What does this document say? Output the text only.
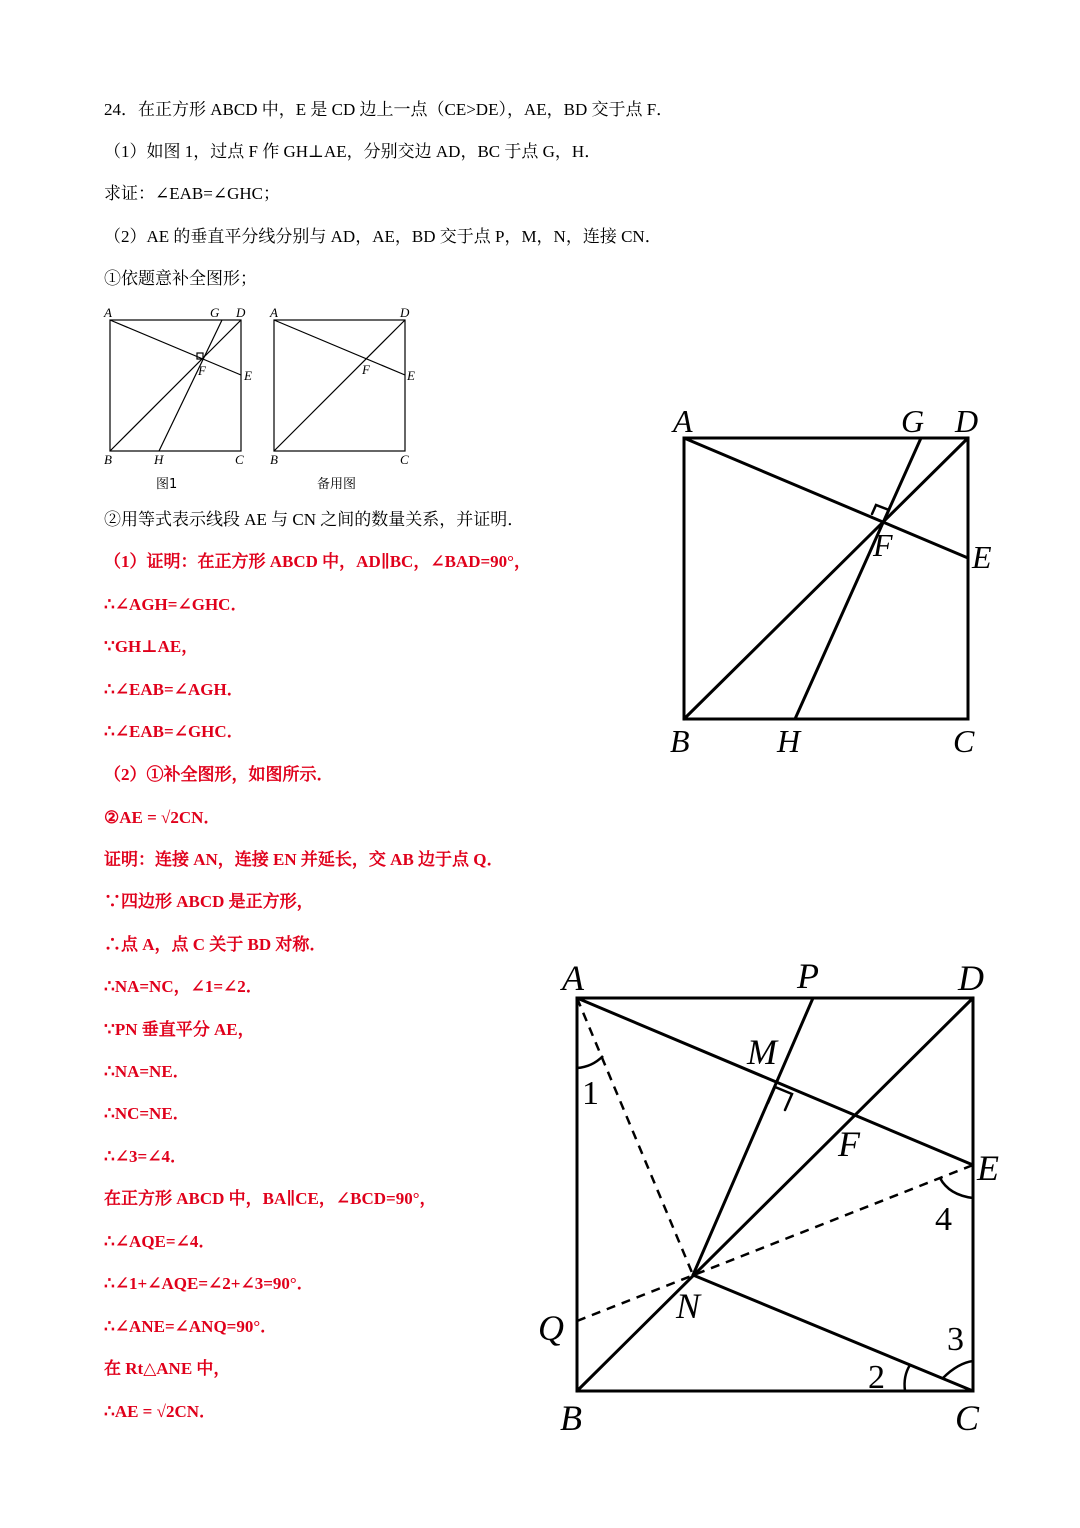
24．在正方形 ABCD 中，E 是 CD 边上一点（CE>DE），AE，BD 交于点 F．
（1）如图 1，过点 F 作 GH⊥AE，分别交边 AD，BC 于点 G，H．
求证：∠EAB=∠GHC；
（2）AE 的垂直平分线分别与 AD，AE，BD 交于点 P，M，N，连接 CN．
①依题意补全图形；
A	G D
F	E
B	H	C
A	D
F	E
B	C
图1	备用图
②用等式表示线段 AE 与 CN 之间的数量关系，并证明．
（1）证明：在正方形 ABCD 中，AD∥BC，∠BAD=90°，
∴∠AGH=∠GHC．
∵GH⊥AE，
∴∠EAB=∠AGH．
∴∠EAB=∠GHC．
（2）①补全图形，如图所示．
②AE = √2CN．
证明：连接 AN，连接 EN 并延长，交 AB 边于点 Q．
∵四边形 ABCD 是正方形，
∴点 A，点 C 关于 BD 对称．
∴NA=NC，∠1=∠2．
∵PN 垂直平分 AE，
∴NA=NE．
∴NC=NE．
∴∠3=∠4．
在正方形 ABCD 中，BA∥CE，∠BCD=90°，
∴∠AQE=∠4．
∴∠1+∠AQE=∠2+∠3=90°．
∴∠ANE=∠ANQ=90°．
在 Rt△ANE 中，
∴AE = √2CN．
A	G D
F E
B	H	C
A	P	D
M
F
E
N
Q
B	C
1
2
3
4
